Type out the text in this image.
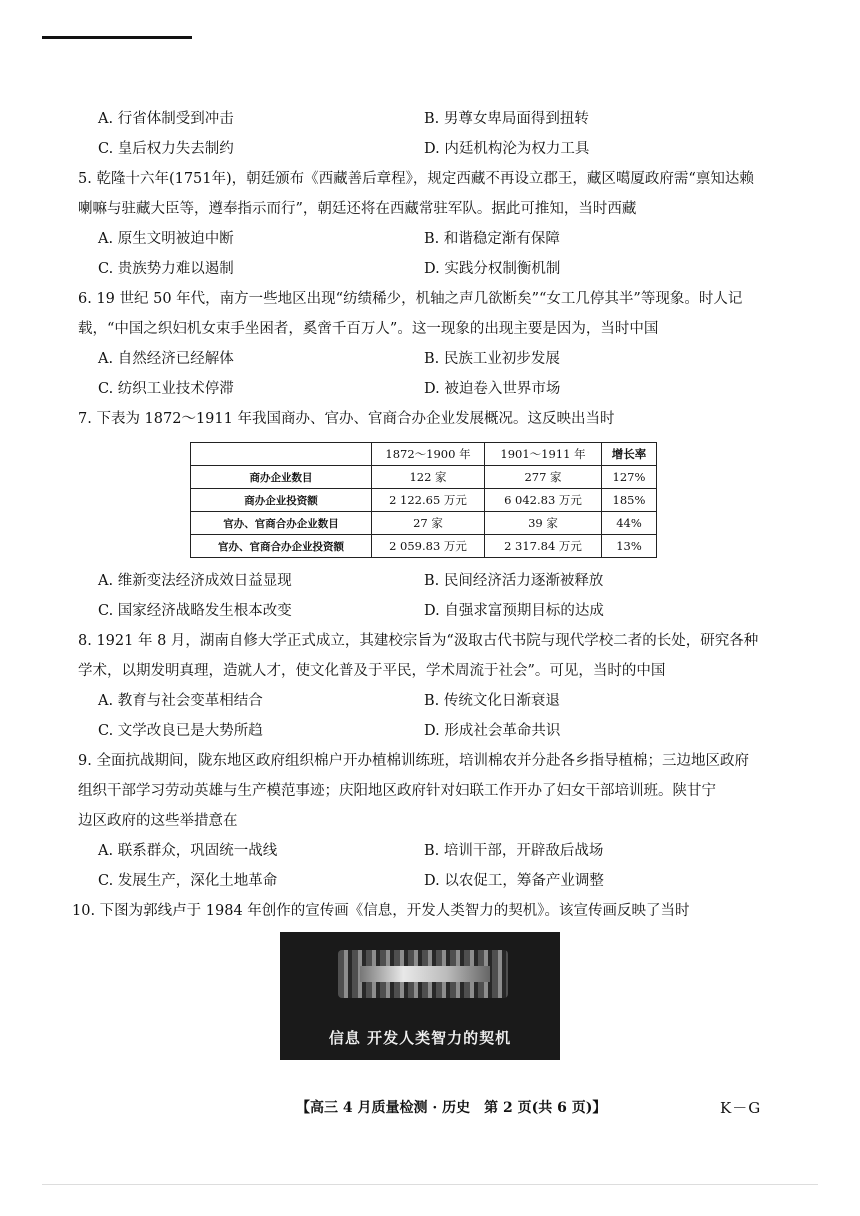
A. 行省体制受到冲击	B. 男尊女卑局面得到扭转
C. 皇后权力失去制约	D. 内廷机构沦为权力工具
5. 乾隆十六年(1751年)，朝廷颁布《西藏善后章程》，规定西藏不再设立郡王，藏区噶厦政府需“禀知达赖
喇嘛与驻藏大臣等，遵奉指示而行”，朝廷还将在西藏常驻军队。据此可推知，当时西藏
A. 原生文明被迫中断	B. 和谐稳定渐有保障
C. 贵族势力难以遏制	D. 实践分权制衡机制
6. 19 世纪 50 年代，南方一些地区出现“纺绩稀少，机轴之声几欲断矣”“女工几停其半”等现象。时人记
载，“中国之织妇机女束手坐困者，奚啻千百万人”。这一现象的出现主要是因为，当时中国
A. 自然经济已经解体	B. 民族工业初步发展
C. 纺织工业技术停滞	D. 被迫卷入世界市场
7. 下表为 1872～1911 年我国商办、官办、官商合办企业发展概况。这反映出当时
	1872～1900 年	1901～1911 年	增长率
商办企业数目	122 家	277 家	127%
商办企业投资额	2 122.65 万元	6 042.83 万元	185%
官办、官商合办企业数目	27 家	39 家	44%
官办、官商合办企业投资额	2 059.83 万元	2 317.84 万元	13%
A. 维新变法经济成效日益显现	B. 民间经济活力逐渐被释放
C. 国家经济战略发生根本改变	D. 自强求富预期目标的达成
8. 1921 年 8 月，湖南自修大学正式成立，其建校宗旨为“汲取古代书院与现代学校二者的长处，研究各种
学术，以期发明真理，造就人才，使文化普及于平民，学术周流于社会”。可见，当时的中国
A. 教育与社会变革相结合	B. 传统文化日渐衰退
C. 文学改良已是大势所趋	D. 形成社会革命共识
9. 全面抗战期间，陇东地区政府组织棉户开办植棉训练班，培训棉农并分赴各乡指导植棉；三边地区政府
组织干部学习劳动英雄与生产模范事迹；庆阳地区政府针对妇联工作开办了妇女干部培训班。陕甘宁
边区政府的这些举措意在
A. 联系群众，巩固统一战线	B. 培训干部，开辟敌后战场
C. 发展生产，深化土地革命	D. 以农促工，筹备产业调整
10. 下图为郭线卢于 1984 年创作的宣传画《信息，开发人类智力的契机》。该宣传画反映了当时
信息 开发人类智力的契机
【高三 4 月质量检测 · 历史　第 2 页(共 6 页)】	K－G
